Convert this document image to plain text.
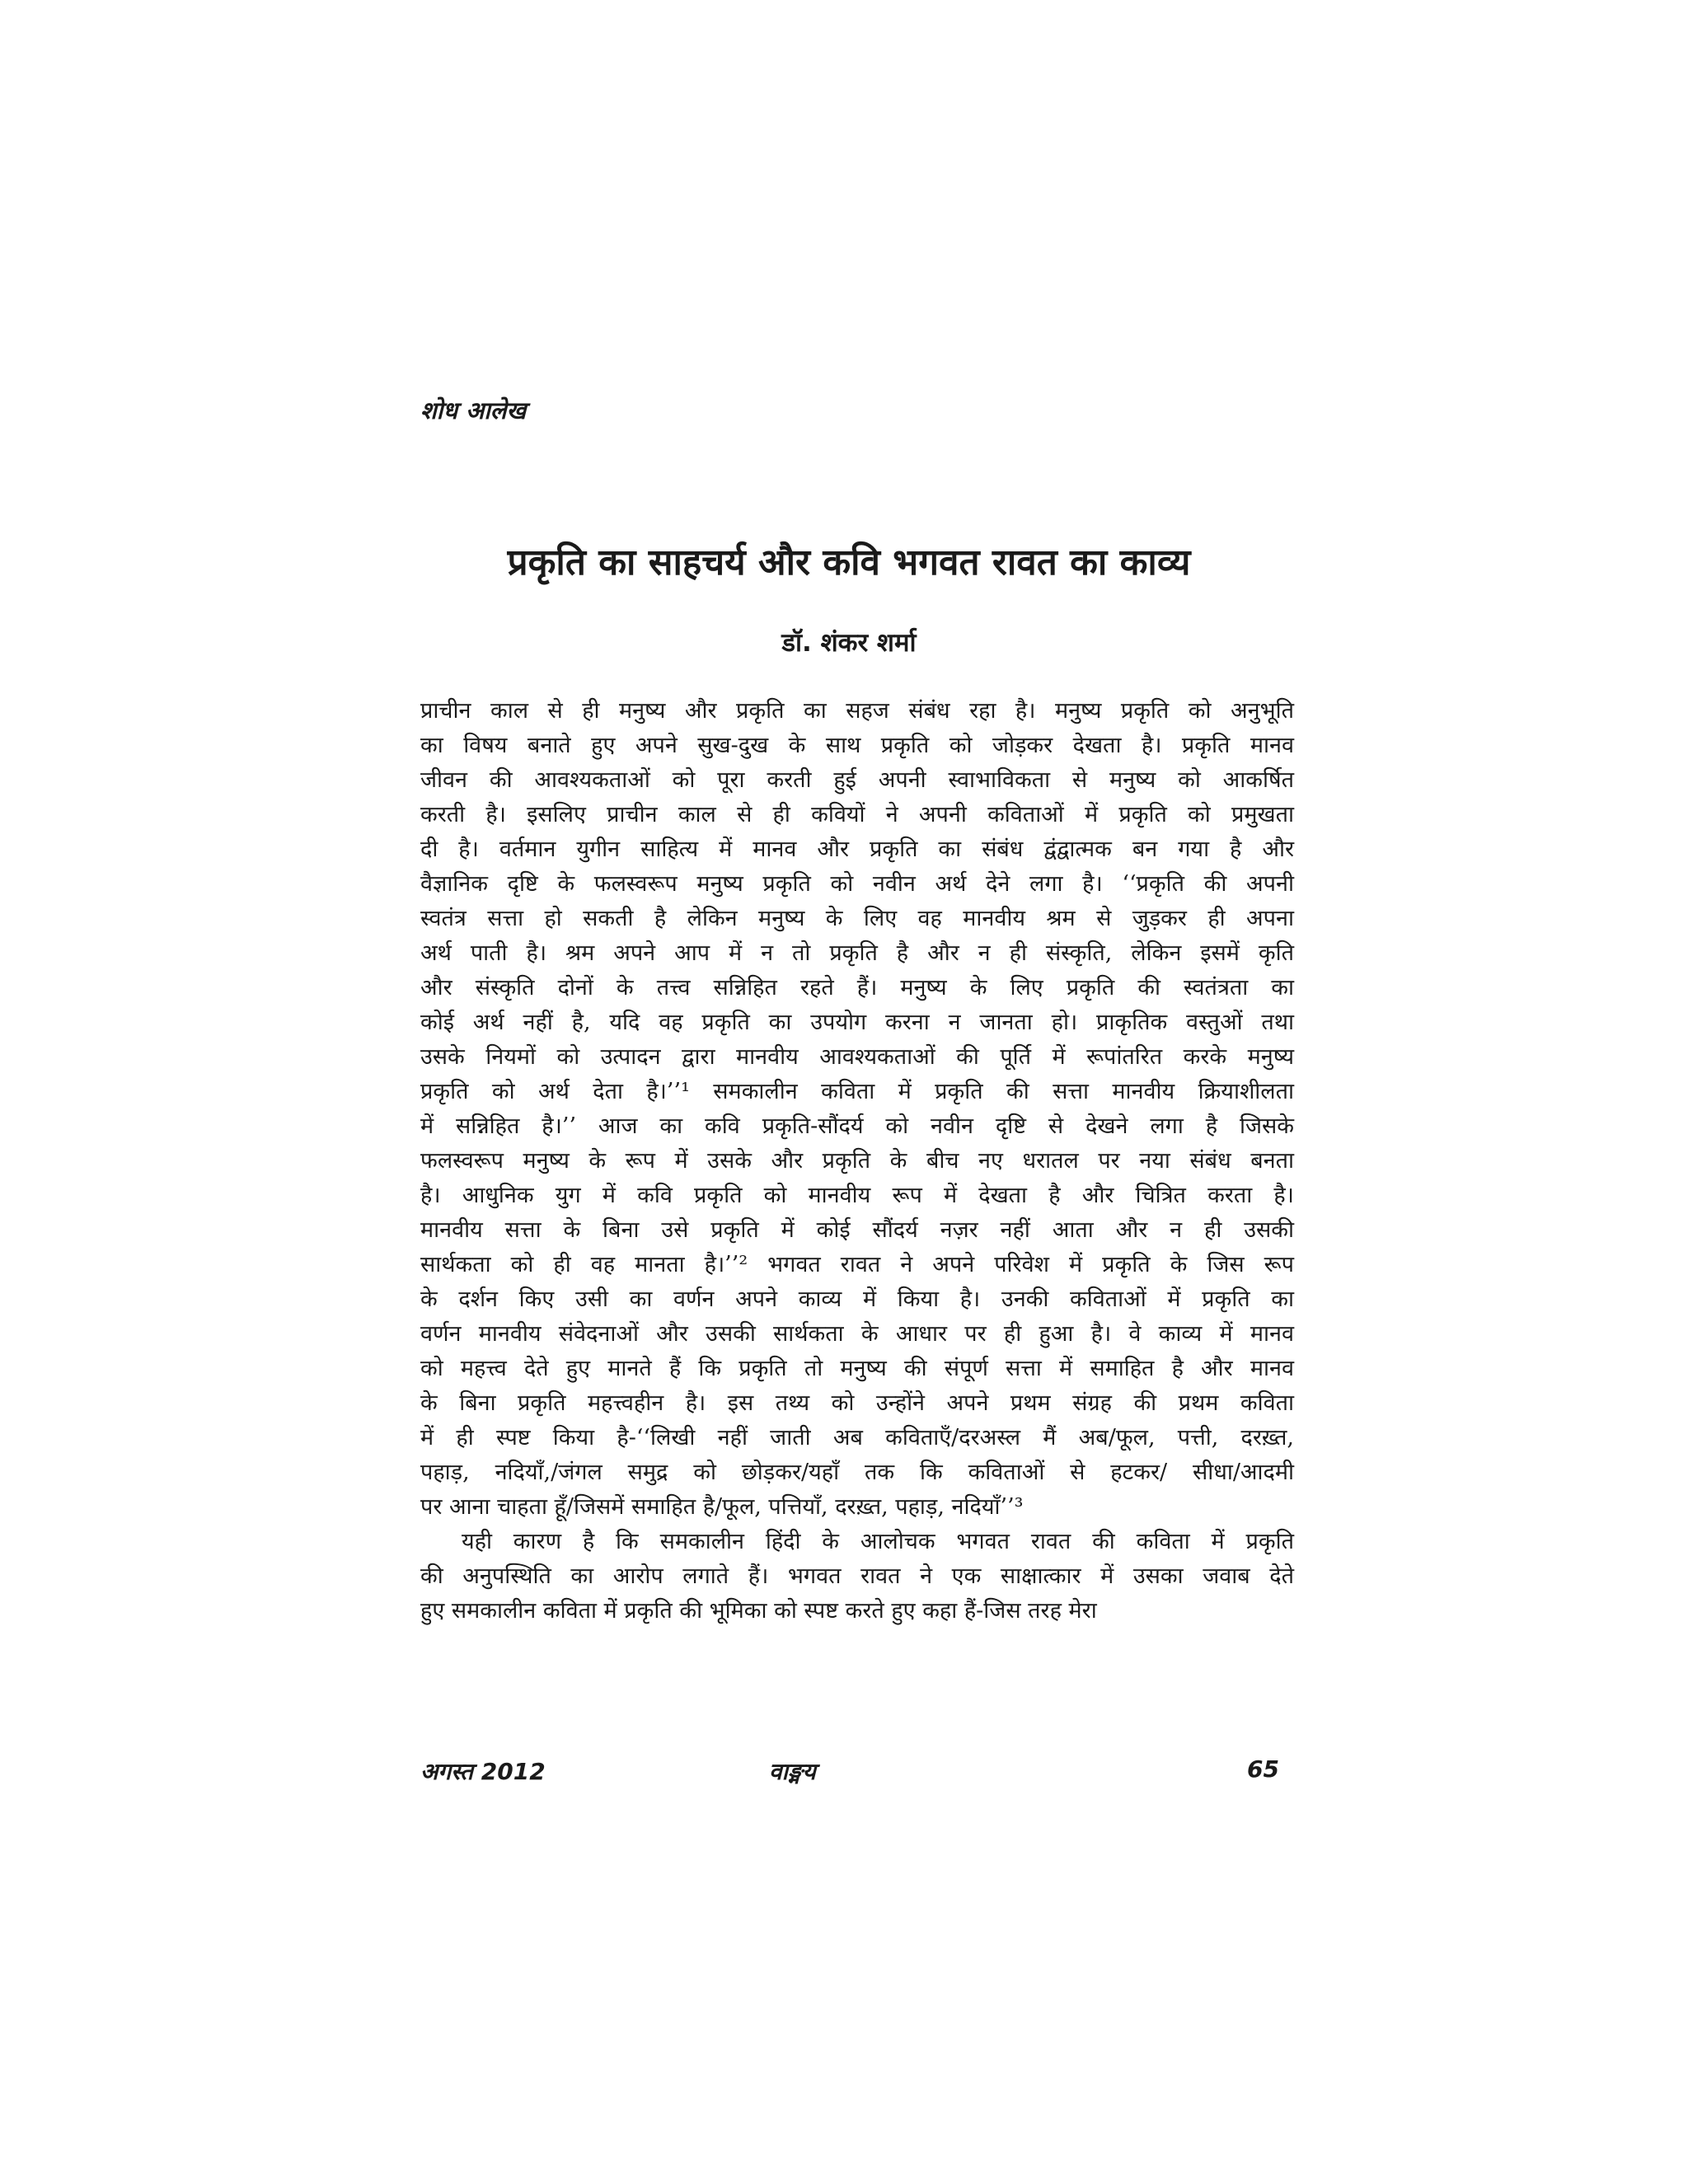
शोध आलेख
प्रकृति का साहचर्य और कवि भगवत रावत का काव्य
डॉ. शंकर शर्मा
प्राचीन काल से ही मनुष्य और प्रकृति का सहज संबंध रहा है। मनुष्य प्रकृति को अनुभूति
का विषय बनाते हुए अपने सुख-दुख के साथ प्रकृति को जोड़कर देखता है। प्रकृति मानव
जीवन की आवश्यकताओं को पूरा करती हुई अपनी स्वाभाविकता से मनुष्य को आकर्षित
करती है। इसलिए प्राचीन काल से ही कवियों ने अपनी कविताओं में प्रकृति को प्रमुखता
दी है। वर्तमान युगीन साहित्य में मानव और प्रकृति का संबंध द्वंद्वात्मक बन गया है और
वैज्ञानिक दृष्टि के फलस्वरूप मनुष्य प्रकृति को नवीन अर्थ देने लगा है। ‘‘प्रकृति की अपनी
स्वतंत्र सत्ता हो सकती है लेकिन मनुष्य के लिए वह मानवीय श्रम से जुड़कर ही अपना
अर्थ पाती है। श्रम अपने आप में न तो प्रकृति है और न ही संस्कृति, लेकिन इसमें कृति
और संस्कृति दोनों के तत्त्व सन्निहित रहते हैं। मनुष्य के लिए प्रकृति की स्वतंत्रता का
कोई अर्थ नहीं है, यदि वह प्रकृति का उपयोग करना न जानता हो। प्राकृतिक वस्तुओं तथा
उसके नियमों को उत्पादन द्वारा मानवीय आवश्यकताओं की पूर्ति में रूपांतरित करके मनुष्य
प्रकृति को अर्थ देता है।’’¹ समकालीन कविता में प्रकृति की सत्ता मानवीय क्रियाशीलता
में सन्निहित है।’’ आज का कवि प्रकृति-सौंदर्य को नवीन दृष्टि से देखने लगा है जिसके
फलस्वरूप मनुष्य के रूप में उसके और प्रकृति के बीच नए धरातल पर नया संबंध बनता
है। आधुनिक युग में कवि प्रकृति को मानवीय रूप में देखता है और चित्रित करता है।
मानवीय सत्ता के बिना उसे प्रकृति में कोई सौंदर्य नज़र नहीं आता और न ही उसकी
सार्थकता को ही वह मानता है।’’² भगवत रावत ने अपने परिवेश में प्रकृति के जिस रूप
के दर्शन किए उसी का वर्णन अपने काव्य में किया है। उनकी कविताओं में प्रकृति का
वर्णन मानवीय संवेदनाओं और उसकी सार्थकता के आधार पर ही हुआ है। वे काव्य में मानव
को महत्त्व देते हुए मानते हैं कि प्रकृति तो मनुष्य की संपूर्ण सत्ता में समाहित है और मानव
के बिना प्रकृति महत्त्वहीन है। इस तथ्य को उन्होंने अपने प्रथम संग्रह की प्रथम कविता
में ही स्पष्ट किया है-‘‘लिखी नहीं जाती अब कविताएँ/दरअस्ल मैं अब/फूल, पत्ती, दरख़्त,
पहाड़, नदियाँ,/जंगल समुद्र को छोड़कर/यहाँ तक कि कविताओं से हटकर/ सीधा/आदमी
पर आना चाहता हूँ/जिसमें समाहित है/फूल, पत्तियाँ, दरख़्त, पहाड़, नदियाँ’’³
यही कारण है कि समकालीन हिंदी के आलोचक भगवत रावत की कविता में प्रकृति
की अनुपस्थिति का आरोप लगाते हैं। भगवत रावत ने एक साक्षात्कार में उसका जवाब देते
हुए समकालीन कविता में प्रकृति की भूमिका को स्पष्ट करते हुए कहा हैं-जिस तरह मेरा
अगस्त 2012	वाङ्मय	65
